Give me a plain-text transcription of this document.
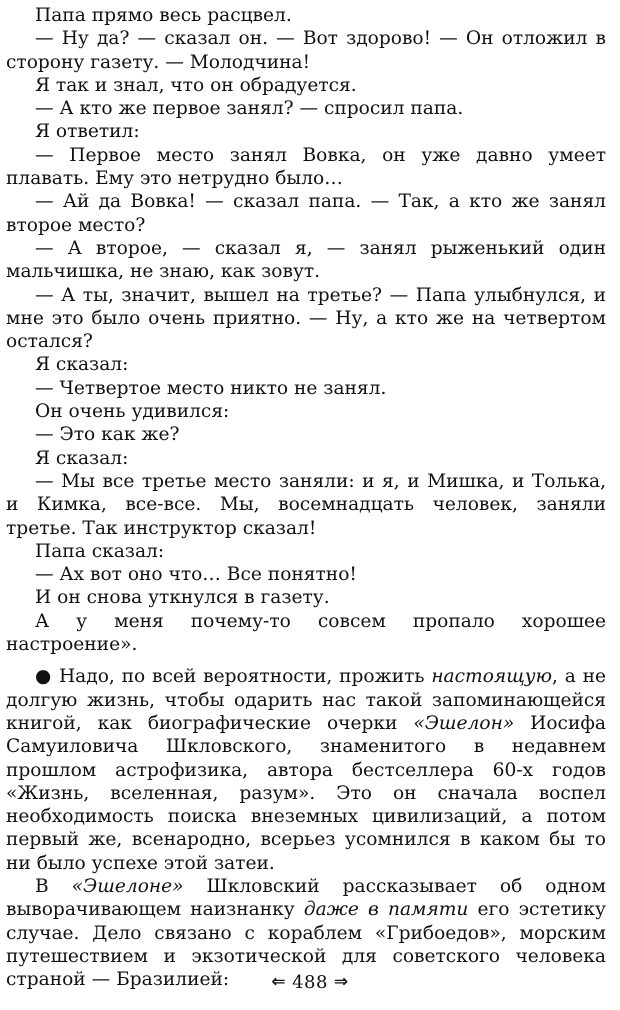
Папа прямо весь расцвел.

— Ну да? — сказал он. — Вот здорово! — Он отложил в сторону газету. — Молодчина!

Я так и знал, что он обрадуется.

— А кто же первое занял? — спросил папа.

Я ответил:

— Первое место занял Вовка, он уже давно умеет плавать. Ему это нетрудно было…

— Ай да Вовка! — сказал папа. — Так, а кто же занял второе место?

— А второе, — сказал я, — занял рыженький один мальчишка, не знаю, как зовут.

— А ты, значит, вышел на третье? — Папа улыбнулся, и мне это было очень приятно. — Ну, а кто же на четвертом остался?

Я сказал:

— Четвертое место никто не занял.

Он очень удивился:

— Это как же?

Я сказал:

— Мы все третье место заняли: и я, и Мишка, и Толька, и Кимка, все-все. Мы, восемнадцать человек, заняли третье. Так инструктор сказал!

Папа сказал:

— Ах вот оно что… Все понятно!

И он снова уткнулся в газету.

А у меня почему-то совсем пропало хорошее настроение».

● Надо, по всей вероятности, прожить настоящую, а не долгую жизнь, чтобы одарить нас такой запоминающейся книгой, как биографические очерки «Эшелон» Иосифа Самуиловича Шкловского, знаменитого в недавнем прошлом астрофизика, автора бестселлера 60-х годов «Жизнь, вселенная, разум». Это он сначала воспел необходимость поиска внеземных цивилизаций, а потом первый же, всенародно, всерьез усомнился в каком бы то ни было успехе этой затеи.

В «Эшелоне» Шкловский рассказывает об одном выворачивающем наизнанку даже в памяти его эстетику случае. Дело связано с кораблем «Грибоедов», морским путешествием и экзотической для советского человека страной — Бразилией:	⇐ 488 ⇒
